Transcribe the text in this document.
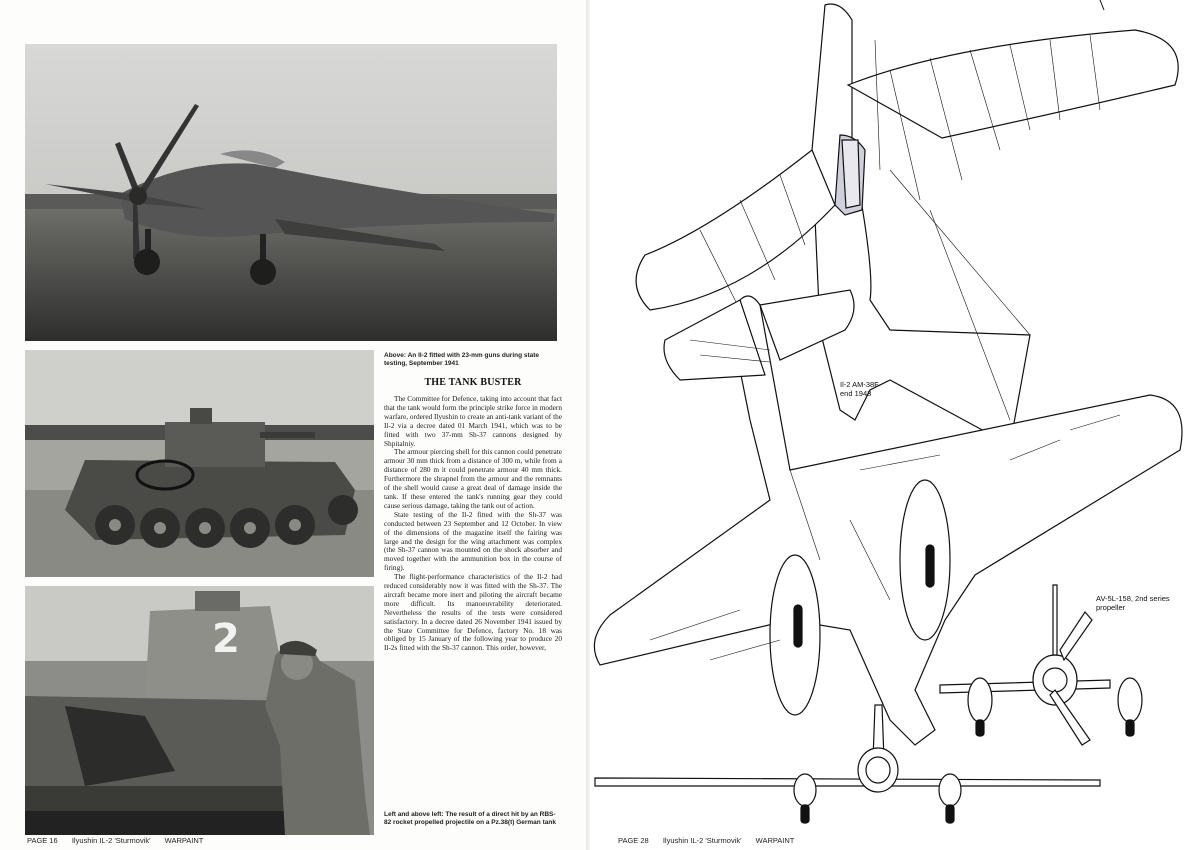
2
Above: An Il-2 fitted with 23-mm guns during state testing, September 1941
THE TANK BUSTER

The Committee for Defence, taking into account that fact that the tank would form the principle strike force in modern warfare, ordered Ilyushin to create an anti-tank variant of the Il-2 via a decree dated 01 March 1941, which was to be fitted with two 37-mm Sh-37 cannons designed by Shpitalniy.

The armour piercing shell for this cannon could penetrate armour 30 mm thick from a distance of 300 m, while from a distance of 280 m it could penetrate armour 40 mm thick. Furthermore the shrapnel from the armour and the remnants of the shell would cause a great deal of damage inside the tank. If these entered the tank's running gear they could cause serious damage, taking the tank out of action.

State testing of the Il-2 fitted with the Sh-37 was conducted between 23 September and 12 October. In view of the dimensions of the magazine itself the fairing was large and the design for the wing attachment was complex (the Sh-37 cannon was mounted on the shock absorber and moved together with the ammunition box in the course of firing).

The flight-performance characteristics of the Il-2 had reduced considerably now it was fitted with the Sh-37. The aircraft became more inert and piloting the aircraft became more difficult. Its manoeuvrability deteriorated. Nevertheless the results of the tests were considered satisfactory. In a decree dated 26 November 1941 issued by the State Committee for Defence, factory No. 18 was obliged by 15 January of the following year to produce 20 Il-2s fitted with the Sh-37 cannon. This order, however,

Left and above left: The result of a direct hit by an RBS-82 rocket propelled projectile on a Pz.38(t) German tank
PAGE 16 Ilyushin IL-2 'Sturmovik' WARPAINT
Il-2 AM-38F
end 1943
AV-5L-158, 2nd series
propeller
PAGE 28 Ilyushin IL-2 'Sturmovik' WARPAINT
